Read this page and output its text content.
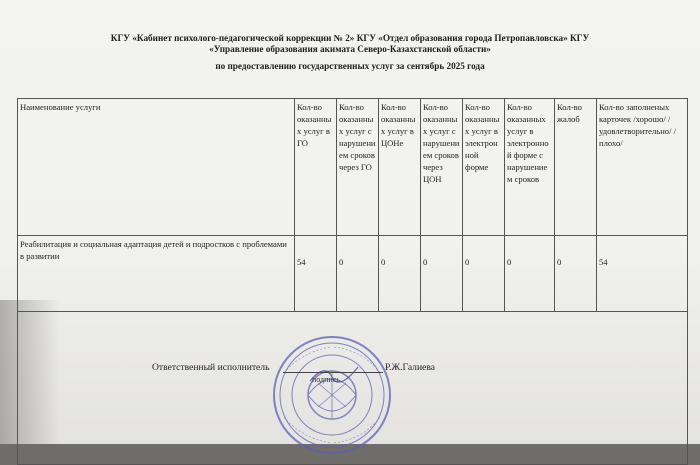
КГУ «Кабинет психолого-педагогической коррекции № 2» КГУ «Отдел образования города Петропавловска» КГУ
«Управление образования акимата Северо-Казахстанской области»
по предоставлению государственных услуг за сентябрь 2025 года
Наименование услуги	Кол-во оказанных услуг в ГО	Кол-во оказанных услуг с нарушением сроков через ГО	Кол-во оказанных услуг в ЦОНе	Кол-во оказанных услуг с нарушением сроков через ЦОН	Кол-во оказанных услуг в электронной форме	Кол-во оказанных услуг в электронной форме с нарушением сроков	Кол-во жалоб	Кол-во заполненых карточек /хорошо/ /удовлетворительно/ /плохо/
Реабилитация и социальная адаптация детей и подростков с проблемами в развитии	54	0	0	0	0	0	0	54

Ответственный исполнитель
подпись
Р.Ж.Галиева
